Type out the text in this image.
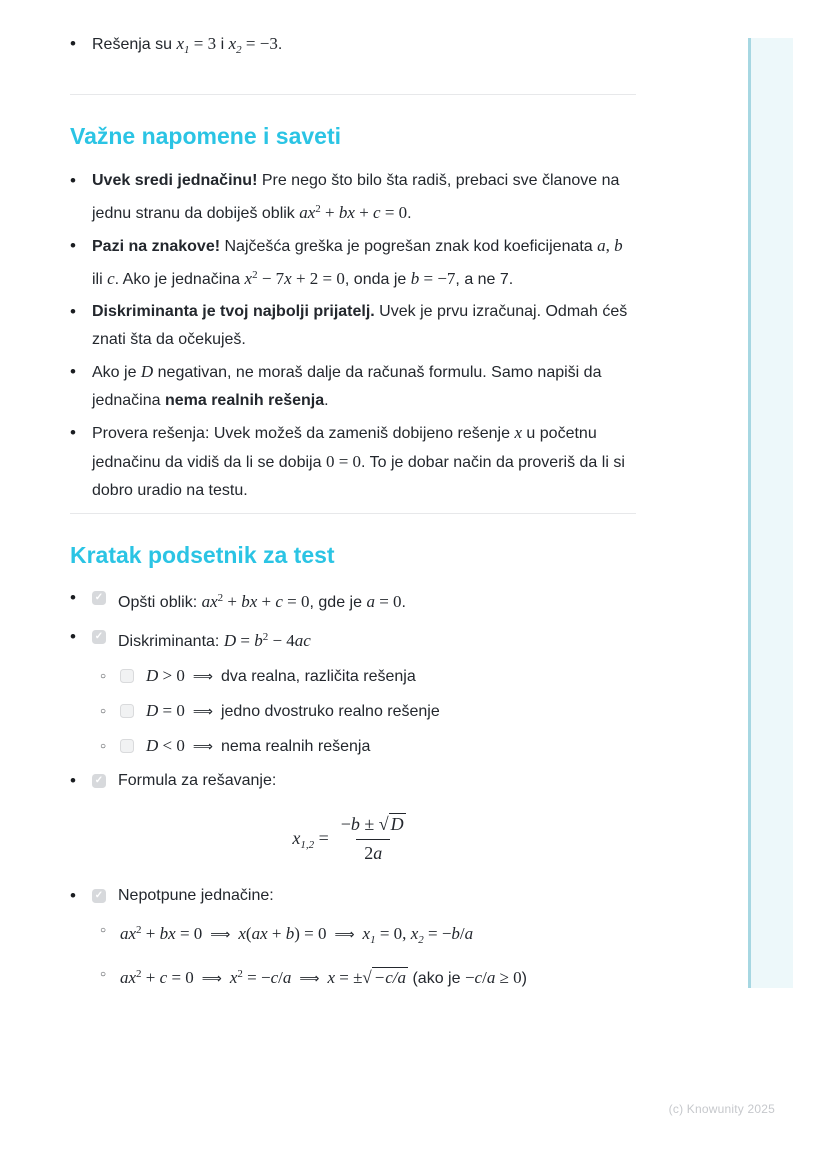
•	Rešenja su $x_1 = 3$ i $x_2 = -3$.
Važne napomene i saveti
•	Uvek sredi jednačinu! Pre nego što bilo šta radiš, prebaci sve članove na jednu stranu da dobiješ oblik $ax^2$ + bx + c = 0.
•	Pazi na znakove! Najčešća greška je pogrešan znak kod koeficijenata a, b ili c. Ako je jednačina $x^2 - 7x + 2 = 0$, onda je b = −7, a ne 7.
•	Diskriminanta je tvoj najbolji prijatelj. Uvek je prvu izračunaj. Odmah ćeš znati šta da očekuješ.
•	Ako je D negativan, ne moraš dalje da računaš formulu. Samo napiši da jednačina nema realnih rešenja.
•	Provera rešenja: Uvek možeš da zameniš dobijeno rešenje x u početnu jednačinu da vidiš da li se dobija 0 = 0. To je dobar način da proveriš da li si dobro uradio na testu.
Kratak podsetnik za test
•	✓ Opšti oblik: $ax^2$ + bx + c = 0, gde je a = 0.
•	✓ Diskriminanta: $D = b^2 - 4ac$
○	D > 0 ⟹ dva realna, različita rešenja
○	D = 0 ⟹ jedno dvostruko realno rešenje
○	D < 0 ⟹ nema realnih rešenja
•	✓ Formula za rešavanje:
$x_{1,2} = \frac{-b \pm √ D}{2a}$
•	✓ Nepotpune jednačine:
○ $ax^2$ + bx = 0 ⟹ x(ax + b) = 0 ⟹ $x_1 = 0$, $x_2 = -b/a$
○ $ax^2 + c = 0$ ⟹ $x^2 = -c/a$ ⟹ x = ±√ −c/a (ako je −c/a ≥ 0)
(c) Knowunity 2025
